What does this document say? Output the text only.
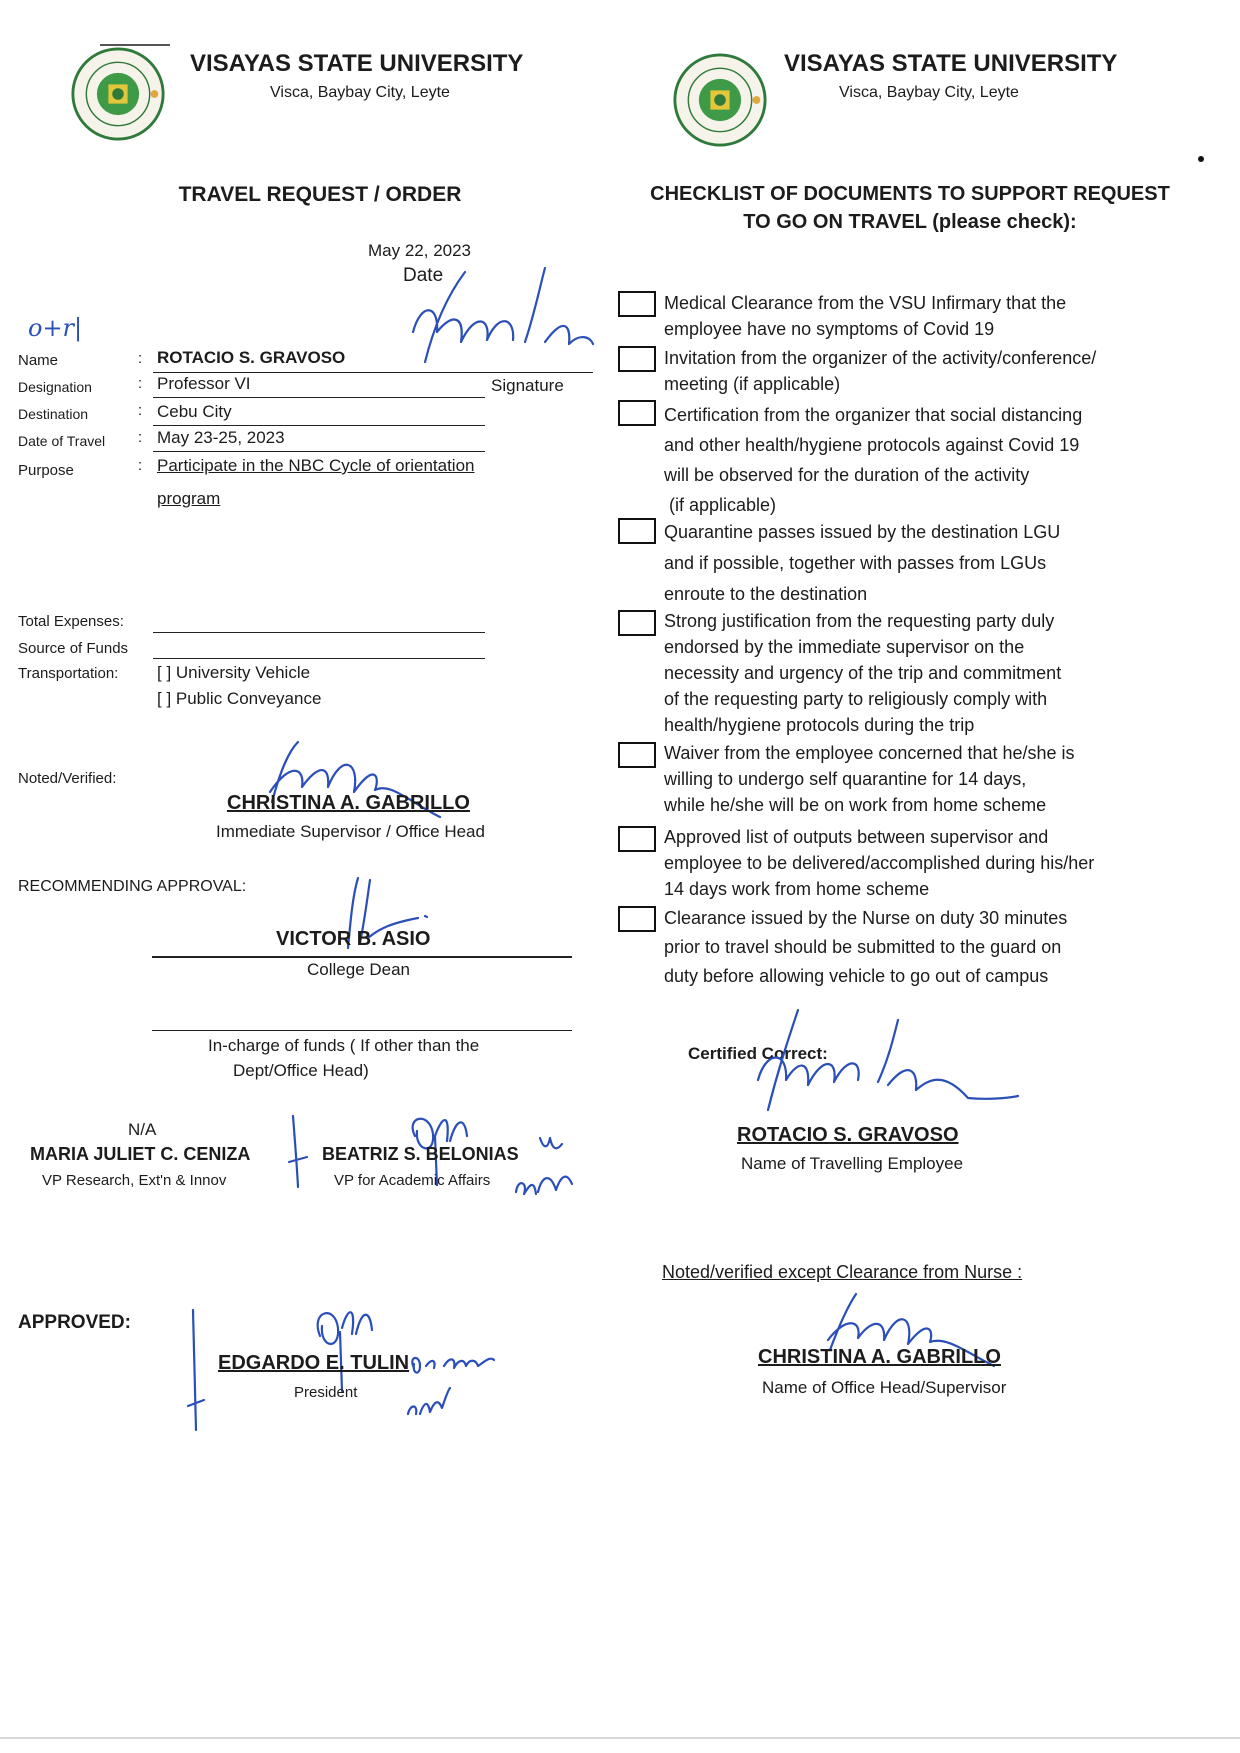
VISAYAS STATE UNIVERSITY
Visca, Baybay City, Leyte
VISAYAS STATE UNIVERSITY
Visca, Baybay City, Leyte
TRAVEL REQUEST / ORDER
May 22, 2023
Date
o+r|
Name	: ROTACIO S. GRAVOSO
Signature
Designation	: Professor VI
Destination	: Cebu City
Date of Travel : May 23-25, 2023
Purpose	: Participate in the NBC Cycle of orientation
program
Total Expenses:
Source of Funds
Transportation: [ ] University Vehicle
[ ] Public Conveyance
Noted/Verified:
CHRISTINA A. GABRILLO
Immediate Supervisor / Office Head
RECOMMENDING APPROVAL:
VICTOR B. ASIO
College Dean
In-charge of funds ( If other than the
Dept/Office Head)
N/A
MARIA JULIET C. CENIZA
VP Research, Ext'n & Innov
BEATRIZ S. BELONIAS
VP for Academic Affairs
APPROVED:
EDGARDO E. TULIN
President
CHECKLIST OF DOCUMENTS TO SUPPORT REQUEST
TO GO ON TRAVEL (please check):
Medical Clearance from the VSU Infirmary that the
employee have no symptoms of Covid 19
Invitation from the organizer of the activity/conference/
meeting (if applicable)
Certification from the organizer that social distancing
and other health/hygiene protocols against Covid 19
will be observed for the duration of the activity
(if applicable)
Quarantine passes issued by the destination LGU
and if possible, together with passes from LGUs
enroute to the destination
Strong justification from the requesting party duly
endorsed by the immediate supervisor on the
necessity and urgency of the trip and commitment
of the requesting party to religiously comply with
health/hygiene protocols during the trip
Waiver from the employee concerned that he/she is
willing to undergo self quarantine for 14 days,
while he/she will be on work from home scheme
Approved list of outputs between supervisor and
employee to be delivered/accomplished during his/her
14 days work from home scheme
Clearance issued by the Nurse on duty 30 minutes
prior to travel should be submitted to the guard on
duty before allowing vehicle to go out of campus
Certified Correct:
ROTACIO S. GRAVOSO
Name of Travelling Employee
Noted/verified except Clearance from Nurse :
CHRISTINA A. GABRILLO
Name of Office Head/Supervisor
